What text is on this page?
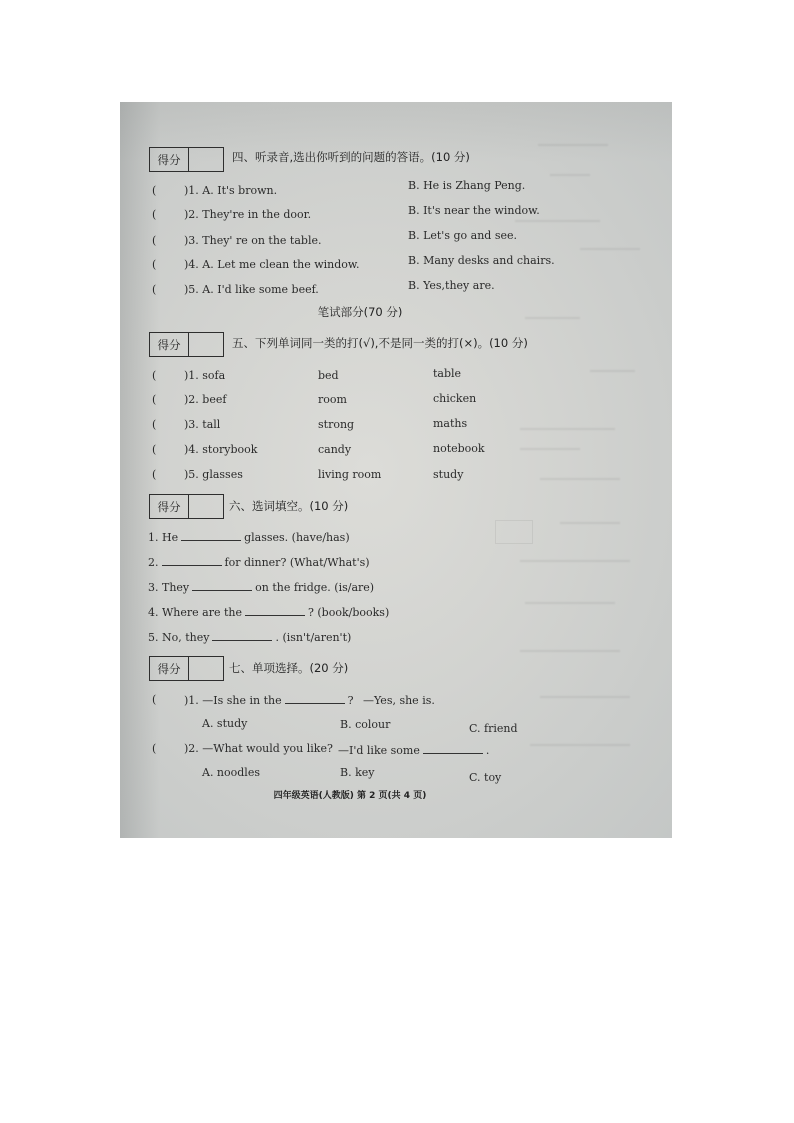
得分	四、听录音,选出你听到的问题的答语。(10 分)
(	)1. A. It's brown.	B. He is Zhang Peng.
(	)2. They're in the door.	B. It's near the window.
(	)3. They' re on the table.	B. Let's go and see.
(	)4. A. Let me clean the window.	B. Many desks and chairs.
(	)5. A. I'd like some beef.	B. Yes,they are.
笔试部分(70 分)
得分	五、下列单词同一类的打(√),不是同一类的打(×)。(10 分)
(	)1. sofa	bed	table
(	)2. beef	room	chicken
(	)3. tall	strong	maths
(	)4. storybook	candy	notebook
(	)5. glasses	living room	study
得分	六、选词填空。(10 分)
1. He	glasses. (have/has)
2.	for dinner? (What/What's)
3. They	on the fridge. (is/are)
4. Where are the	? (book/books)
5. No, they	. (isn't/aren't)
得分	七、单项选择。(20 分)
(	)1. —Is she in the	? —Yes, she is.
A. study	B. colour	C. friend
(	)2. —What would you like? —I'd like some	.
A. noodles	B. key	C. toy
四年级英语(人教版) 第 2 页(共 4 页)
